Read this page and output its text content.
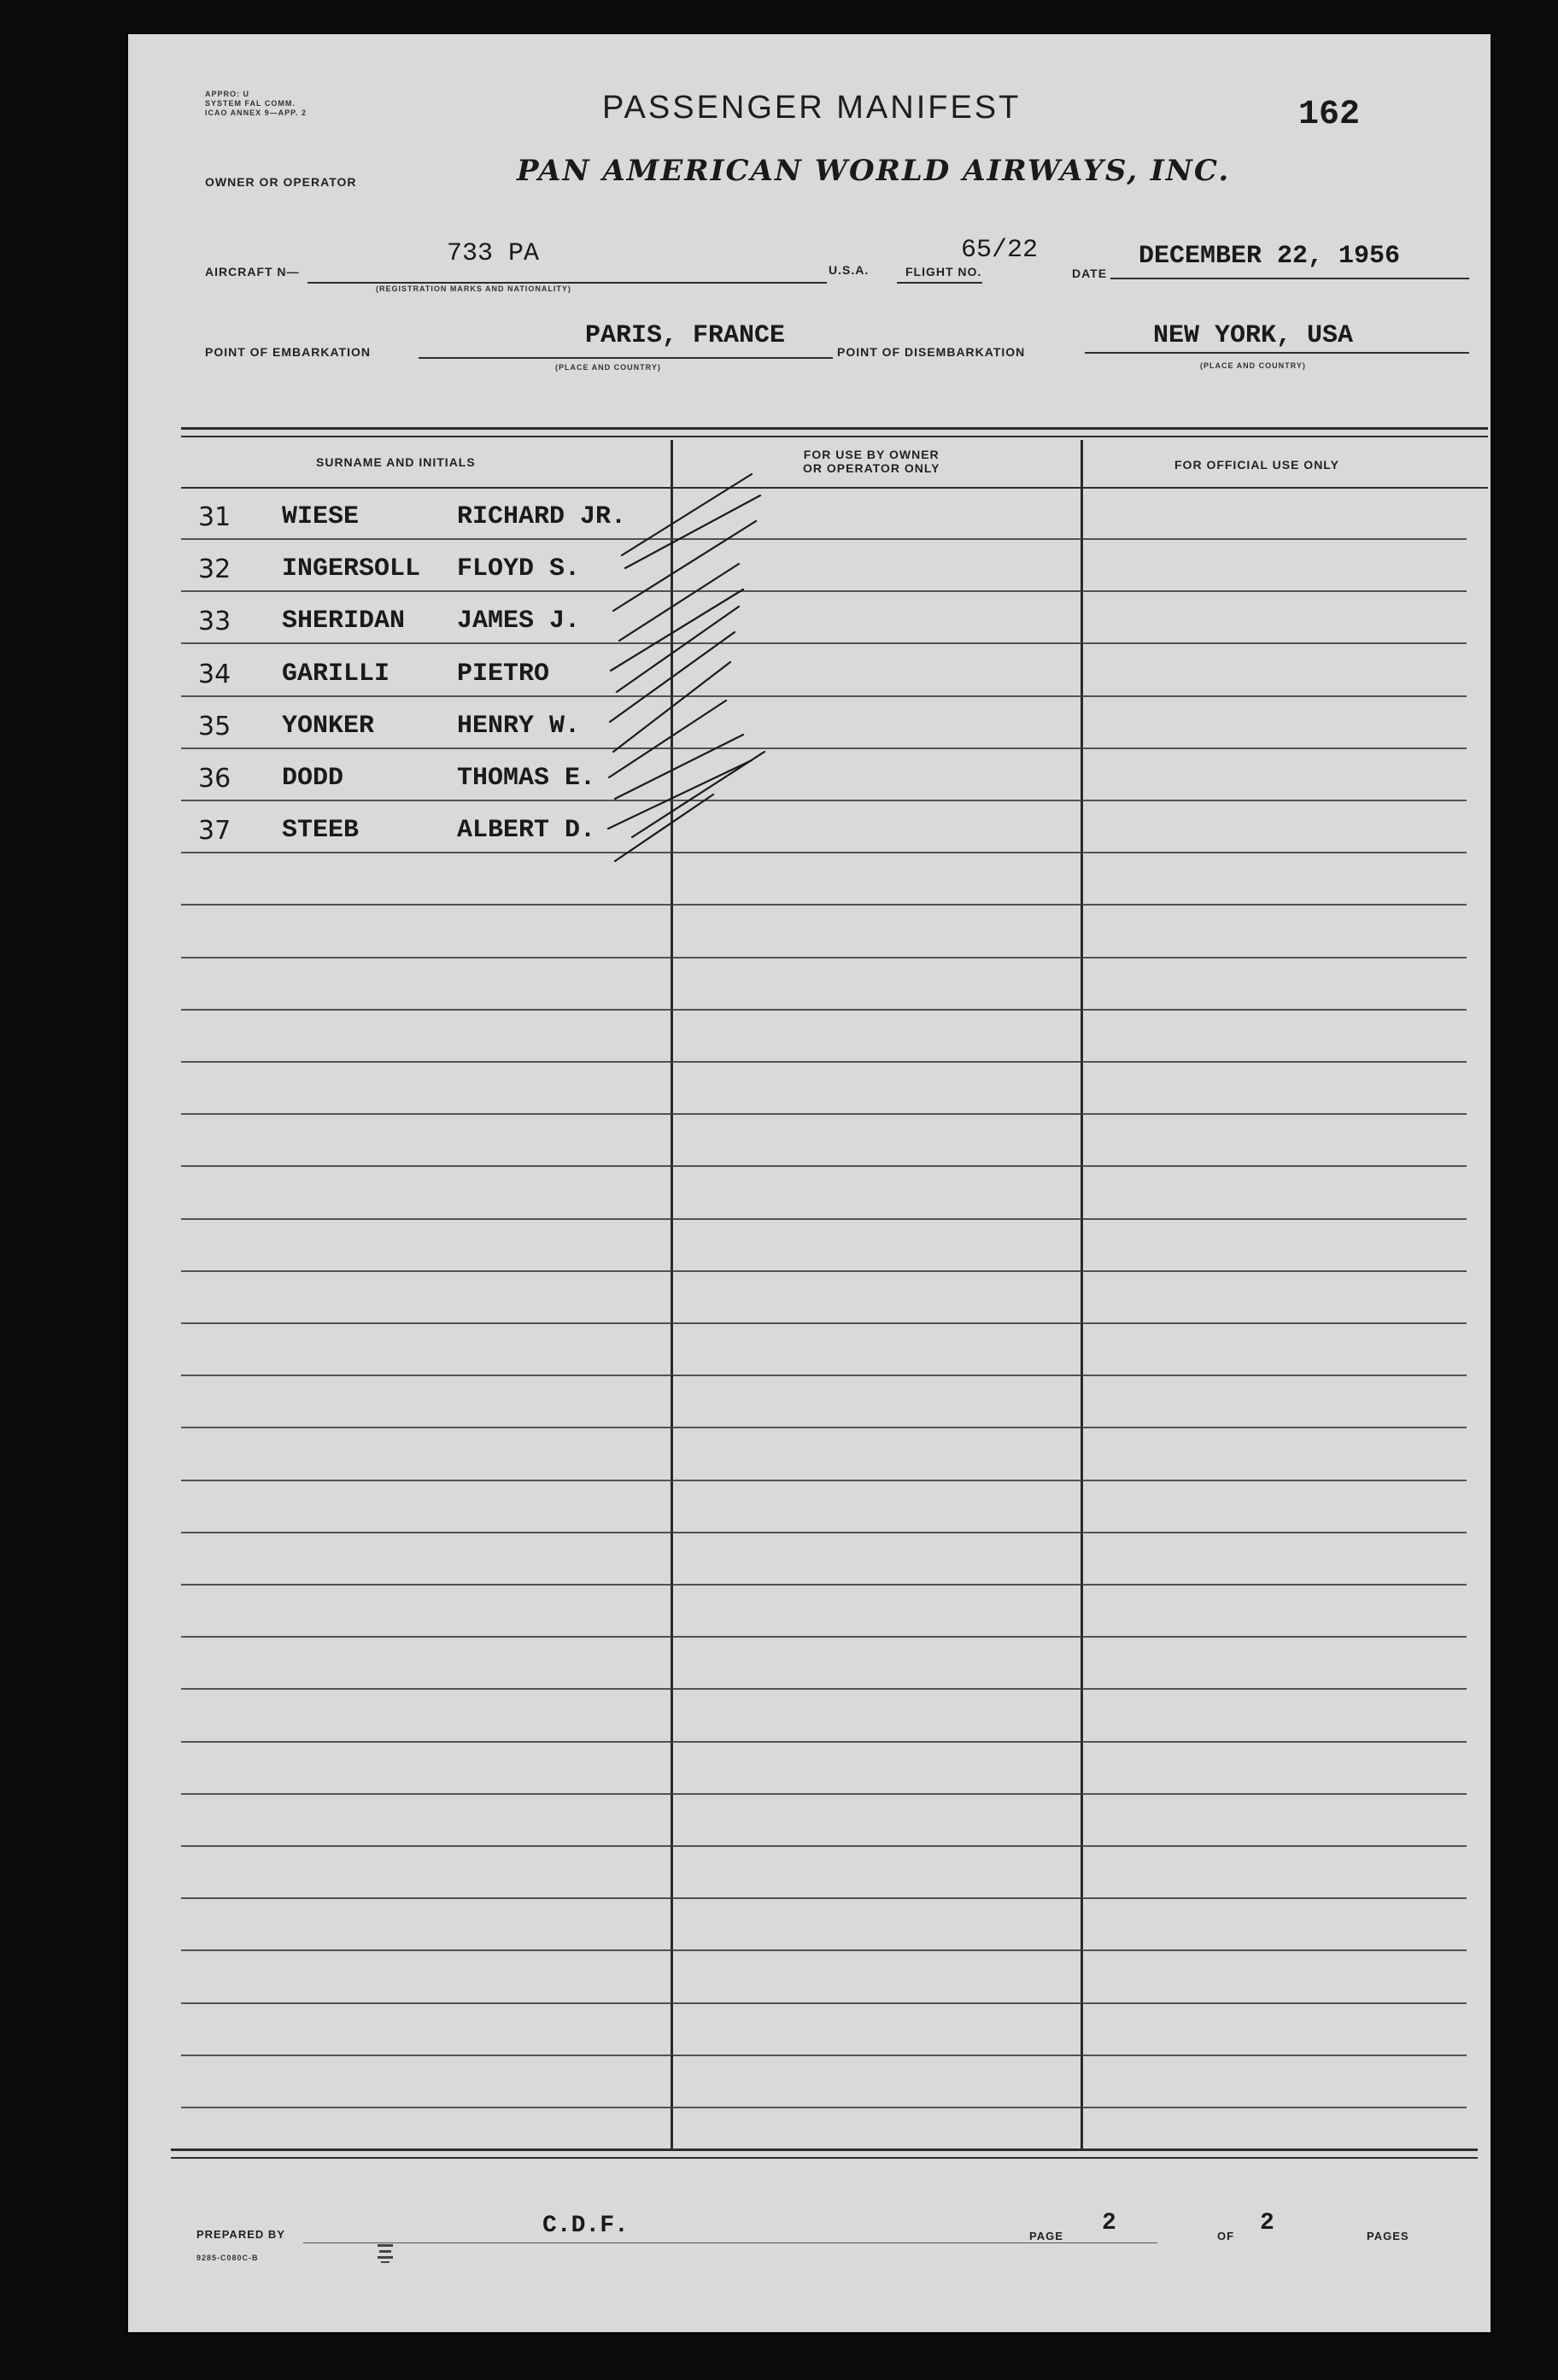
APPRO: U
SYSTEM FAL COMM.
ICAO ANNEX 9—APP. 2	PASSENGER MANIFEST	162
OWNER OR OPERATOR	PAN AMERICAN WORLD AIRWAYS, INC.
AIRCRAFT N—
733 PA
(REGISTRATION MARKS AND NATIONALITY)
U.S.A.	FLIGHT NO.
65/22
DATE
DECEMBER 22, 1956
POINT OF EMBARKATION
PARIS, FRANCE
(PLACE AND COUNTRY)
POINT OF DISEMBARKATION
NEW YORK, USA
(PLACE AND COUNTRY)
SURNAME AND INITIALS
FOR USE BY OWNER
OR OPERATOR ONLY	FOR OFFICIAL USE ONLY
31 WIESE	RICHARD JR.
32 INGERSOLL FLOYD S.
33 SHERIDAN JAMES J.
34 GARILLI	PIETRO
35 YONKER	HENRY W.
36 DODD	THOMAS E.
37 STEEB	ALBERT D.
PREPARED BY	C.D.F.	PAGE 2	OF 2	PAGES
9285-C080C-B
